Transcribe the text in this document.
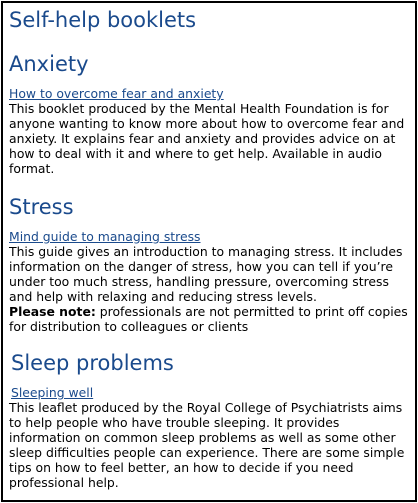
Self-help booklets
Anxiety
How to overcome fear and anxiety

This booklet produced by the Mental Health Foundation is for anyone wanting to know more about how to overcome fear and anxiety. It explains fear and anxiety and provides advice on at how to deal with it and where to get help. Available in audio format.

Stress
Mind guide to managing stress

This guide gives an introduction to managing stress. It includes information on the danger of stress, how you can tell if you’re under too much stress, handling pressure, overcoming stress and help with relaxing and reducing stress levels.

Please note: professionals are not permitted to print off copies for distribution to colleagues or clients

Sleep problems
Sleeping well

This leaflet produced by the Royal College of Psychiatrists aims to help people who have trouble sleeping. It provides information on common sleep problems as well as some other sleep difficulties people can experience. There are some simple tips on how to feel better, an how to decide if you need professional help.
